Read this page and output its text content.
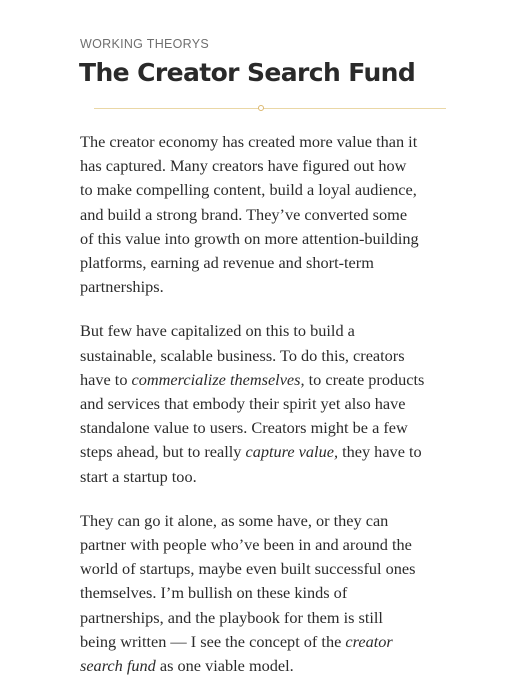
WORKING THEORYS
The Creator Search Fund

The creator economy has created more value than it
has captured. Many creators have figured out how
to make compelling content, build a loyal audience,
and build a strong brand. They’ve converted some
of this value into growth on more attention-building
platforms, earning ad revenue and short-term
partnerships.

But few have capitalized on this to build a
sustainable, scalable business. To do this, creators
have to commercialize themselves, to create products
and services that embody their spirit yet also have
standalone value to users. Creators might be a few
steps ahead, but to really capture value, they have to
start a startup too.

They can go it alone, as some have, or they can
partner with people who’ve been in and around the
world of startups, maybe even built successful ones
themselves. I’m bullish on these kinds of
partnerships, and the playbook for them is still
being written — I see the concept of the creator
search fund as one viable model.
